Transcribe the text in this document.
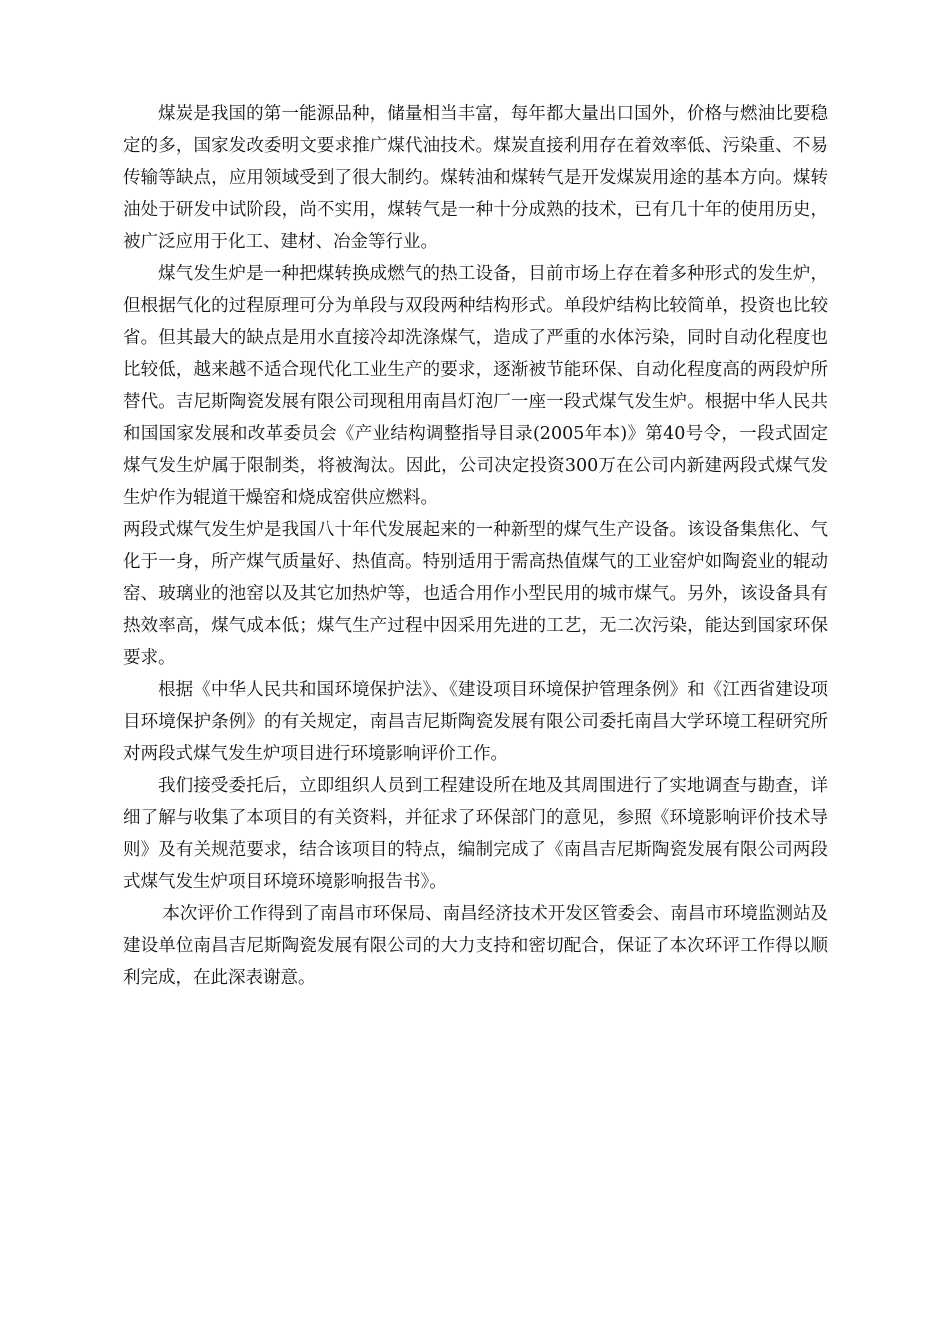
煤炭是我国的第一能源品种，储量相当丰富，每年都大量出口国外，价格与燃油比要稳定的多，国家发改委明文要求推广煤代油技术。煤炭直接利用存在着效率低、污染重、不易传输等缺点，应用领域受到了很大制约。煤转油和煤转气是开发煤炭用途的基本方向。煤转油处于研发中试阶段，尚不实用，煤转气是一种十分成熟的技术，已有几十年的使用历史，被广泛应用于化工、建材、冶金等行业。

煤气发生炉是一种把煤转换成燃气的热工设备，目前市场上存在着多种形式的发生炉，但根据气化的过程原理可分为单段与双段两种结构形式。单段炉结构比较简单，投资也比较省。但其最大的缺点是用水直接冷却洗涤煤气，造成了严重的水体污染，同时自动化程度也比较低，越来越不适合现代化工业生产的要求，逐渐被节能环保、自动化程度高的两段炉所替代。吉尼斯陶瓷发展有限公司现租用南昌灯泡厂一座一段式煤气发生炉。根据中华人民共和国国家发展和改革委员会《产业结构调整指导目录(2005年本)》第40号令，一段式固定煤气发生炉属于限制类，将被淘汰。因此，公司决定投资300万在公司内新建两段式煤气发生炉作为辊道干燥窑和烧成窑供应燃料。

两段式煤气发生炉是我国八十年代发展起来的一种新型的煤气生产设备。该设备集焦化、气化于一身，所产煤气质量好、热值高。特别适用于需高热值煤气的工业窑炉如陶瓷业的辊动窑、玻璃业的池窑以及其它加热炉等，也适合用作小型民用的城市煤气。另外，该设备具有热效率高，煤气成本低；煤气生产过程中因采用先进的工艺，无二次污染，能达到国家环保要求。

根据《中华人民共和国环境保护法》、《建设项目环境保护管理条例》和《江西省建设项目环境保护条例》的有关规定，南昌吉尼斯陶瓷发展有限公司委托南昌大学环境工程研究所对两段式煤气发生炉项目进行环境影响评价工作。

我们接受委托后，立即组织人员到工程建设所在地及其周围进行了实地调查与勘查，详细了解与收集了本项目的有关资料，并征求了环保部门的意见，参照《环境影响评价技术导则》及有关规范要求，结合该项目的特点，编制完成了《南昌吉尼斯陶瓷发展有限公司两段式煤气发生炉项目环境环境影响报告书》。

本次评价工作得到了南昌市环保局、南昌经济技术开发区管委会、南昌市环境监测站及建设单位南昌吉尼斯陶瓷发展有限公司的大力支持和密切配合，保证了本次环评工作得以顺利完成，在此深表谢意。
